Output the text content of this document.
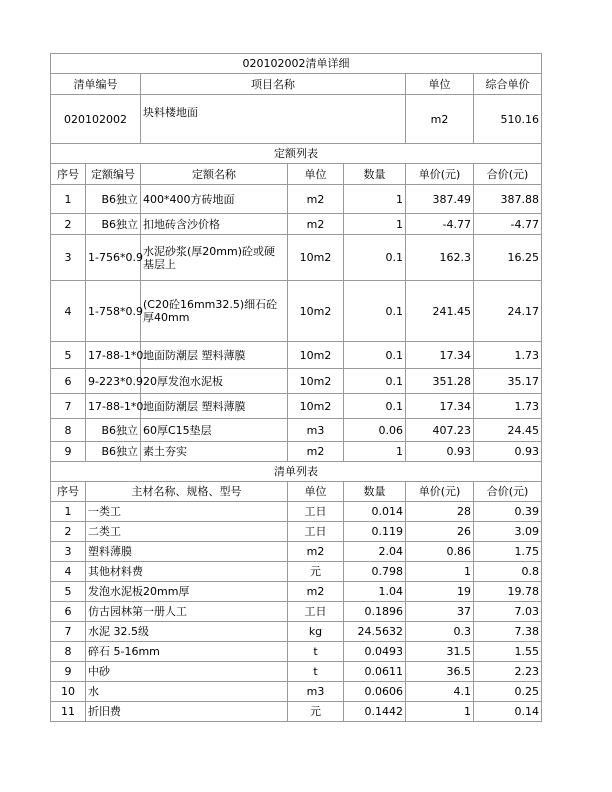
020102002清单详细						
清单编号		项目名称			单位	综合单价
020102002		块料楼地面			m2	510.16
定额列表						
序号	定额编号	定额名称	单位	数量	单价(元)	合价(元)
1	B6独立	400*400方砖地面	m2	1	387.49	387.88
2	B6独立	扣地砖含沙价格	m2	1	-4.77	-4.77
3	1-756*0.9	水泥砂浆(厚20mm)砼或硬基层上	10m2	0.1	162.3	16.25
4	1-758*0.9	(C20砼16mm32.5)细石砼厚40mm	10m2	0.1	241.45	24.17
5	17-88-1*0.	地面防潮层 塑料薄膜	10m2	0.1	17.34	1.73
6	9-223*0.9	20厚发泡水泥板	10m2	0.1	351.28	35.17
7	17-88-1*0.	地面防潮层 塑料薄膜	10m2	0.1	17.34	1.73
8	B6独立	60厚C15垫层	m3	0.06	407.23	24.45
9	B6独立	素土夯实	m2	1	0.93	0.93
清单列表						
序号	主材名称、规格、型号		单位	数量	单价(元)	合价(元)
1	一类工		工日	0.014	28	0.39
2	二类工		工日	0.119	26	3.09
3	塑料薄膜		m2	2.04	0.86	1.75
4	其他材料费		元	0.798	1	0.8
5	发泡水泥板20mm厚		m2	1.04	19	19.78
6	仿古园林第一册人工		工日	0.1896	37	7.03
7	水泥 32.5级		kg	24.5632	0.3	7.38
8	碎石 5-16mm		t	0.0493	31.5	1.55
9	中砂		t	0.0611	36.5	2.23
10	水		m3	0.0606	4.1	0.25
11	折旧费		元	0.1442	1	0.14
